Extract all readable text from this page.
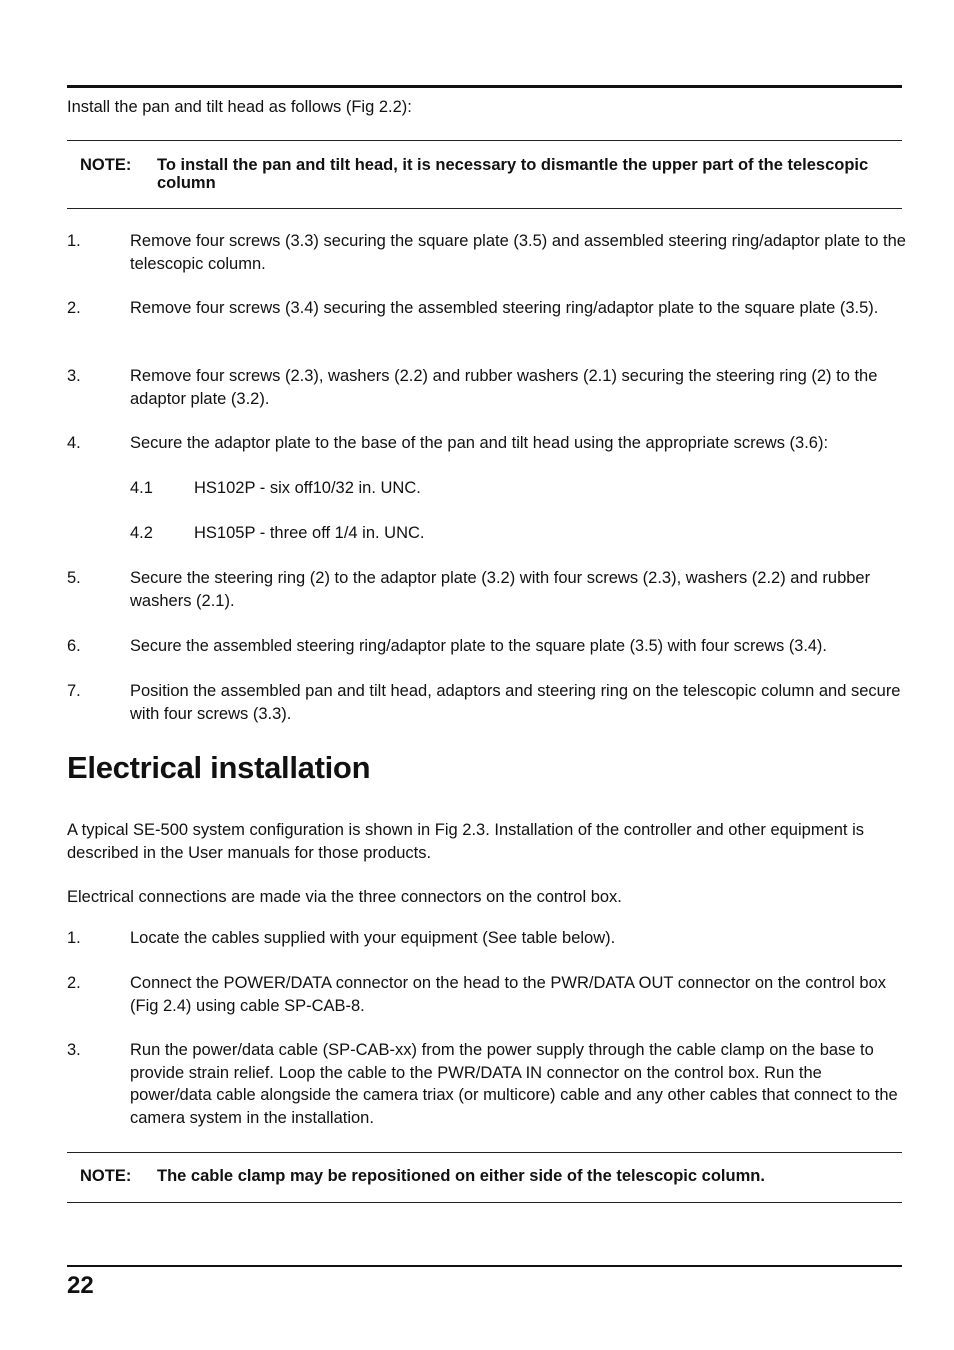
Install the pan and tilt head as follows (Fig 2.2):
NOTE: To install the pan and tilt head, it is necessary to dismantle the upper part of the telescopic column
1.	Remove four screws (3.3) securing the square plate (3.5) and assembled steering ring/adaptor plate to the telescopic column.
2.	Remove four screws (3.4) securing the assembled steering ring/adaptor plate to the square plate (3.5).
3.	Remove four screws (2.3), washers (2.2) and rubber washers (2.1) securing the steering ring (2) to the adaptor plate (3.2).
4.	Secure the adaptor plate to the base of the pan and tilt head using the appropriate screws (3.6):
4.1 HS102P - six off10/32 in. UNC.
4.2 HS105P - three off 1/4 in. UNC.
5.	Secure the steering ring (2) to the adaptor plate (3.2) with four screws (2.3), washers (2.2) and rubber washers (2.1).
6.	Secure the assembled steering ring/adaptor plate to the square plate (3.5) with four screws (3.4).
7.	Position the assembled pan and tilt head, adaptors and steering ring on the telescopic column and secure with four screws (3.3).
Electrical installation
A typical SE-500 system configuration is shown in Fig 2.3. Installation of the controller and other equipment is described in the User manuals for those products.
Electrical connections are made via the three connectors on the control box.
1.	Locate the cables supplied with your equipment (See table below).
2.	Connect the POWER/DATA connector on the head to the PWR/DATA OUT connector on the control box (Fig 2.4) using cable SP-CAB-8.
3.	Run the power/data cable (SP-CAB-xx) from the power supply through the cable clamp on the base to provide strain relief. Loop the cable to the PWR/DATA IN connector on the control box. Run the power/data cable alongside the camera triax (or multicore) cable and any other cables that connect to the camera system in the installation.
NOTE: The cable clamp may be repositioned on either side of the telescopic column.
22
